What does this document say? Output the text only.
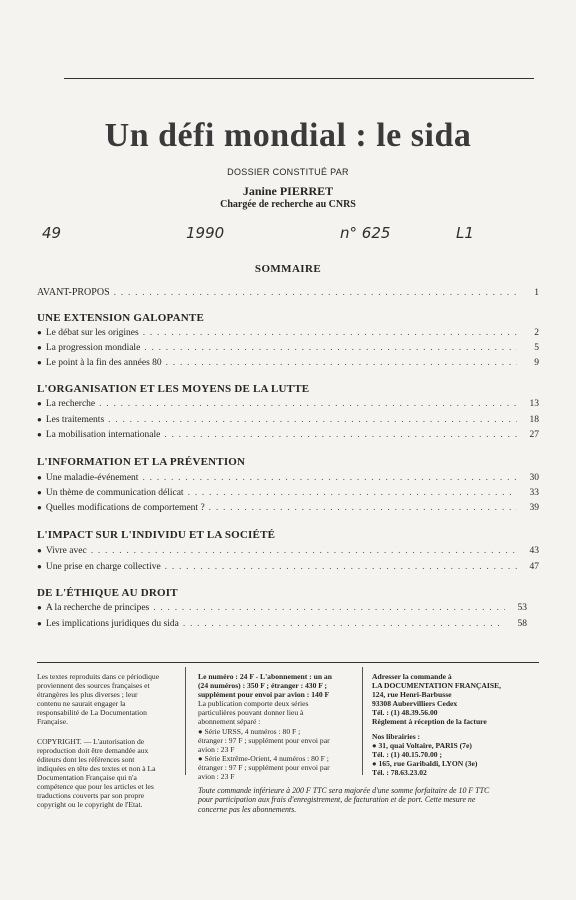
Un défi mondial : le sida
DOSSIER CONSTITUÉ PAR
Janine PIERRET
Chargée de recherche au CNRS
49	1990	n° 625	L1
SOMMAIRE
AVANT-PROPOS . . .	1
UNE EXTENSION GALOPANTE
● Le débat sur les origines . . .	2
● La progression mondiale . . .	5
● Le point à la fin des années 80 . . .	9
L'ORGANISATION ET LES MOYENS DE LA LUTTE
● La recherche . . .	13
● Les traitements . . .	18
● La mobilisation internationale . . .	27
L'INFORMATION ET LA PRÉVENTION
● Une maladie-événement . . .	30
● Un thème de communication délicat . . .	33
● Quelles modifications de comportement ? . . .	39
L'IMPACT SUR L'INDIVIDU ET LA SOCIÉTÉ
● Vivre avec . . .	43
● Une prise en charge collective . . .	47
DE L'ÉTHIQUE AU DROIT
● A la recherche de principes . . .	53
● Les implications juridiques du sida . . .	58

Les textes reproduits dans ce périodique
proviennent des sources françaises et
étrangères les plus diverses ; leur
contenu ne saurait engager la
responsabilité de La Documentation
Française.

COPYRIGHT. — L'autorisation de
reproduction doit être demandée aux
éditeurs dont les références sont
indiquées en tête des textes et non à La
Documentation Française qui n'a
compétence que pour les articles et les
traductions couverts par son propre
copyright ou le copyright de l'Etat.

Le numéro : 24 F - L'abonnement : un an
(24 numéros) : 350 F ; étranger : 430 F ;
supplément pour envoi par avion : 140 F

La publication comporte deux séries
particulières pouvant donner lieu à
abonnement séparé :
● Série URSS, 4 numéros : 80 F ;
étranger : 97 F ; supplément pour envoi par
avion : 23 F
● Série Extrême-Orient, 4 numéros : 80 F ;
étranger : 97 F ; supplément pour envoi par
avion : 23 F

Adresser la commande à
LA DOCUMENTATION FRANÇAISE,
124, rue Henri-Barbusse
93308 Aubervilliers Cedex
Tél. : (1) 48.39.56.00
Règlement à réception de la facture

Nos librairies :
● 31, quai Voltaire, PARIS (7e)
Tél. : (1) 40.15.70.00 ;
● 165, rue Garibaldi, LYON (3e)
Tél. : 78.63.23.02

Toute commande inférieure à 200 F TTC sera majorée d'une somme forfaitaire de 10 F TTC
pour participation aux frais d'enregistrement, de facturation et de port. Cette mesure ne
concerne pas les abonnements.
